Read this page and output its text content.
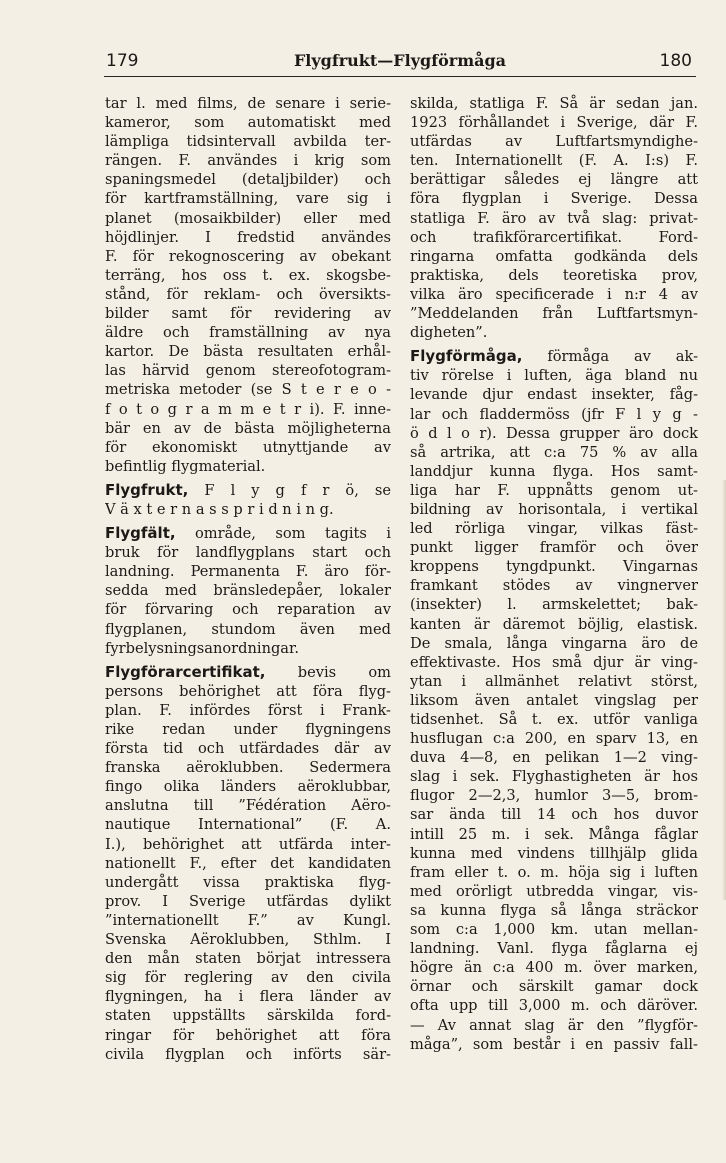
179	Flygfrukt—Flygförmåga	180
tar l. med films, de senare i serie-
kameror, som automatiskt med
lämpliga tidsintervall avbilda ter-
rängen. F. användes i krig som
spaningsmedel (detaljbilder) och
för kartframställning, vare sig i
planet (mosaikbilder) eller med
höjdlinjer. I fredstid användes
F. för rekognoscering av obekant
terräng, hos oss t. ex. skogsbe-
stånd, för reklam- och översikts-
bilder samt för revidering av
äldre och framställning av nya
kartor. De bästa resultaten erhål-
las härvid genom stereofotogram-
metriska metoder (se S t e r e o -
f o t o g r a m m e t r i). F. inne-
bär en av de bästa möjligheterna
för ekonomiskt utnyttjande av
befintlig flygmaterial.
Flygfrukt, F l y g f r ö, se
V ä x t e r n a s s p r i d n i n g.
Flygfält, område, som tagits i
bruk för landflygplans start och
landning. Permanenta F. äro för-
sedda med bränsledepåer, lokaler
för förvaring och reparation av
flygplanen, stundom även med
fyrbelysningsanordningar.
Flygförarcertifikat, bevis om
persons behörighet att föra flyg-
plan. F. infördes först i Frank-
rike redan under flygningens
första tid och utfärdades där av
franska aëroklubben. Sedermera
fingo olika länders aëroklubbar,
anslutna till ”Fédération Aëro-
nautique International” (F. A.
I.), behörighet att utfärda inter-
nationellt F., efter det kandidaten
undergått vissa praktiska flyg-
prov. I Sverige utfärdas dylikt
”internationellt F.” av Kungl.
Svenska Aëroklubben, Sthlm. I
den mån staten börjat intressera
sig för reglering av den civila
flygningen, ha i flera länder av
staten uppställts särskilda ford-
ringar för behörighet att föra
civila flygplan och införts sär-
skilda, statliga F. Så är sedan jan.
1923 förhållandet i Sverige, där F.
utfärdas av Luftfartsmyndighe-
ten. Internationellt (F. A. I:s) F.
berättigar således ej längre att
föra flygplan i Sverige. Dessa
statliga F. äro av två slag: privat-
och trafikförarcertifikat. Ford-
ringarna omfatta godkända dels
praktiska, dels teoretiska prov,
vilka äro specificerade i n:r 4 av
”Meddelanden från Luftfartsmyn-
digheten”.
Flygförmåga, förmåga av ak-
tiv rörelse i luften, äga bland nu
levande djur endast insekter, fåg-
lar och fladdermöss (jfr F l y g -
ö d l o r). Dessa grupper äro dock
så artrika, att c:a 75 % av alla
landdjur kunna flyga. Hos samt-
liga har F. uppnåtts genom ut-
bildning av horisontala, i vertikal
led rörliga vingar, vilkas fäst-
punkt ligger framför och över
kroppens tyngdpunkt. Vingarnas
framkant stödes av vingnerver
(insekter) l. armskelettet; bak-
kanten är däremot böjlig, elastisk.
De smala, långa vingarna äro de
effektivaste. Hos små djur är ving-
ytan i allmänhet relativt störst,
liksom även antalet vingslag per
tidsenhet. Så t. ex. utför vanliga
husflugan c:a 200, en sparv 13, en
duva 4—8, en pelikan 1—2 ving-
slag i sek. Flyghastigheten är hos
flugor 2—2,3, humlor 3—5, brom-
sar ända till 14 och hos duvor
intill 25 m. i sek. Många fåglar
kunna med vindens tillhjälp glida
fram eller t. o. m. höja sig i luften
med orörligt utbredda vingar, vis-
sa kunna flyga så långa sträckor
som c:a 1,000 km. utan mellan-
landning. Vanl. flyga fåglarna ej
högre än c:a 400 m. över marken,
örnar och särskilt gamar dock
ofta upp till 3,000 m. och däröver.
— Av annat slag är den ”flygför-
måga”, som består i en passiv fall-
